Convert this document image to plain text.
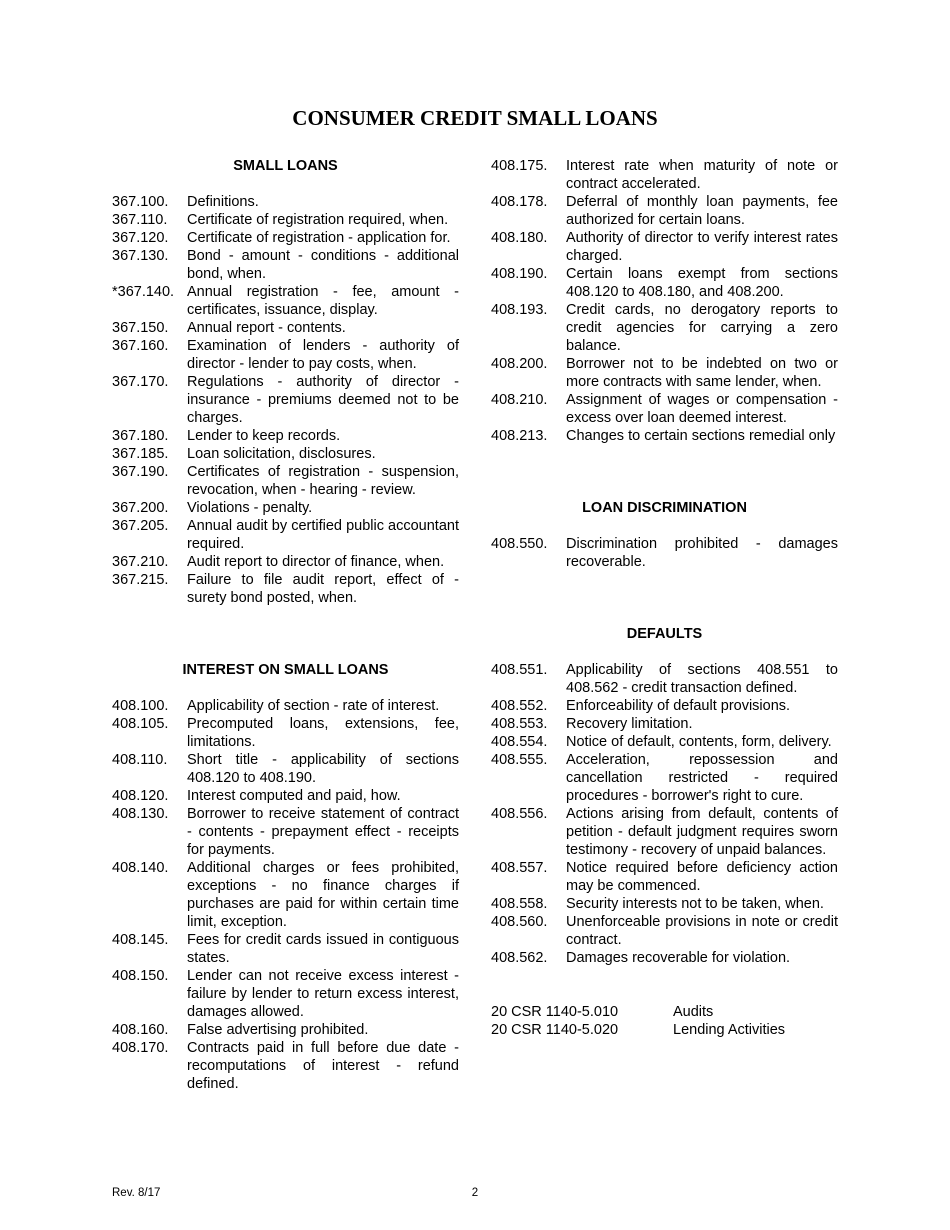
CONSUMER CREDIT SMALL LOANS
SMALL LOANS
367.100.	Definitions.
367.110.	Certificate of registration required, when.
367.120.	Certificate of registration - application for.
367.130.	Bond - amount - conditions - additional bond, when.
*367.140. Annual registration - fee, amount - certificates, issuance, display.
367.150.	Annual report - contents.
367.160.	Examination of lenders - authority of director - lender to pay costs, when.
367.170.	Regulations - authority of director - insurance - premiums deemed not to be charges.
367.180.	Lender to keep records.
367.185.	Loan solicitation, disclosures.
367.190.	Certificates of registration - suspension, revocation, when - hearing - review.
367.200.	Violations - penalty.
367.205.	Annual audit by certified public accountant required.
367.210.	Audit report to director of finance, when.
367.215.	Failure to file audit report, effect of - surety bond posted, when.
INTEREST ON SMALL LOANS
408.100.	Applicability of section - rate of interest.
408.105.	Precomputed loans, extensions, fee, limitations.
408.110.	Short title - applicability of sections 408.120 to 408.190.
408.120.	Interest computed and paid, how.
408.130.	Borrower to receive statement of contract - contents - prepayment effect - receipts for payments.
408.140.	Additional charges or fees prohibited, exceptions - no finance charges if purchases are paid for within certain time limit, exception.
408.145.	Fees for credit cards issued in contiguous states.
408.150.	Lender can not receive excess interest - failure by lender to return excess interest, damages allowed.
408.160.	False advertising prohibited.
408.170.	Contracts paid in full before due date - recomputations of interest - refund defined.
408.175.	Interest rate when maturity of note or contract accelerated.
408.178.	Deferral of monthly loan payments, fee authorized for certain loans.
408.180.	Authority of director to verify interest rates charged.
408.190.	Certain loans exempt from sections 408.120 to 408.180, and 408.200.
408.193.	Credit cards, no derogatory reports to credit agencies for carrying a zero balance.
408.200.	Borrower not to be indebted on two or more contracts with same lender, when.
408.210.	Assignment of wages or compensation - excess over loan deemed interest.
408.213.	Changes to certain sections remedial only
LOAN DISCRIMINATION
408.550.	Discrimination prohibited - damages recoverable.
DEFAULTS
408.551.	Applicability of sections 408.551 to 408.562 - credit transaction defined.
408.552.	Enforceability of default provisions.
408.553.	Recovery limitation.
408.554.	Notice of default, contents, form, delivery.
408.555.	Acceleration, repossession and cancellation restricted - required procedures - borrower's right to cure.
408.556.	Actions arising from default, contents of petition - default judgment requires sworn testimony - recovery of unpaid balances.
408.557.	Notice required before deficiency action may be commenced.
408.558.	Security interests not to be taken, when.
408.560.	Unenforceable provisions in note or credit contract.
408.562.	Damages recoverable for violation.
20 CSR 1140-5.010	Audits
20 CSR 1140-5.020	Lending Activities
Rev. 8/17	2
